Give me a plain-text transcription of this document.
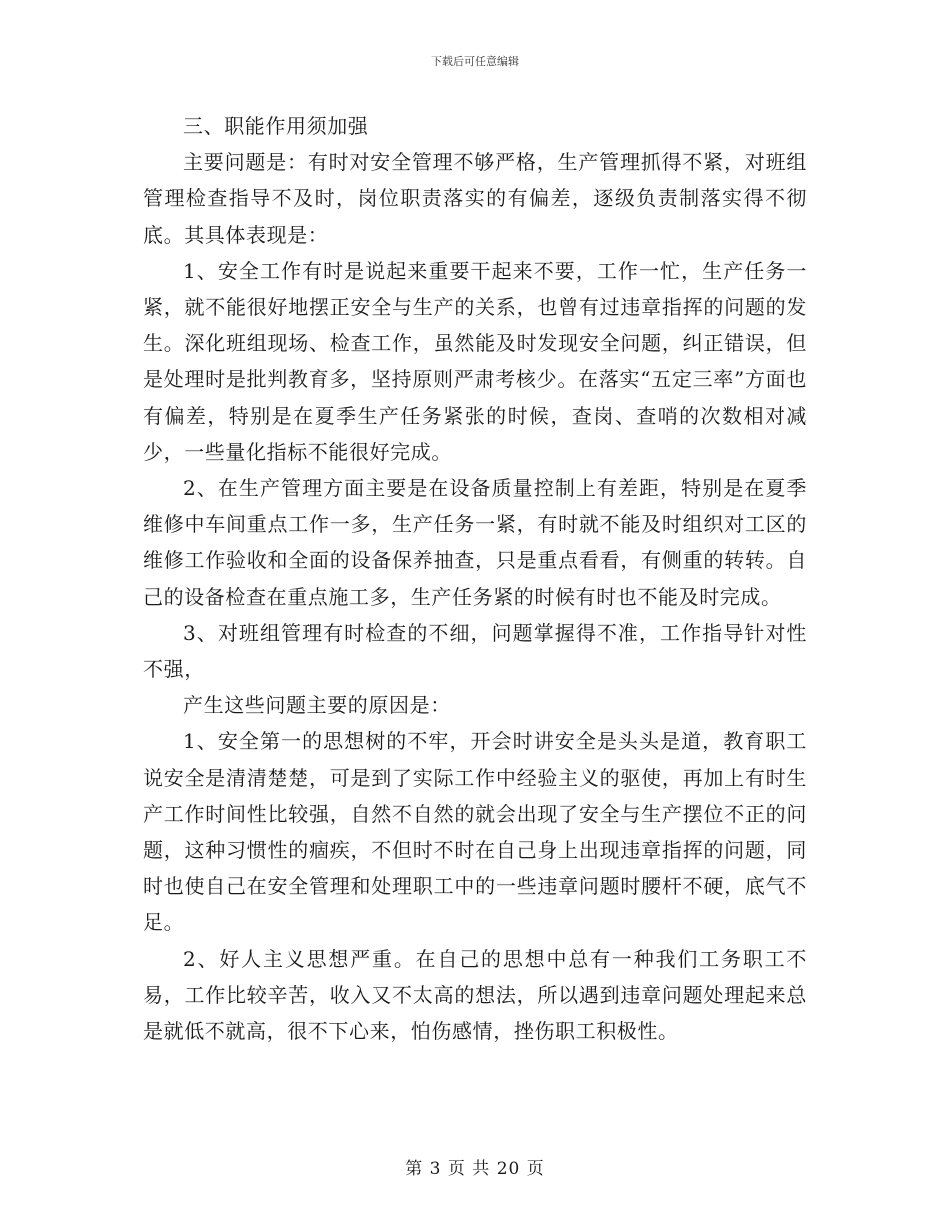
下载后可任意编辑

三、职能作用须加强

主要问题是：有时对安全管理不够严格，生产管理抓得不紧，对班组管理检查指导不及时，岗位职责落实的有偏差，逐级负责制落实得不彻底。其具体表现是：

1、安全工作有时是说起来重要干起来不要，工作一忙，生产任务一紧，就不能很好地摆正安全与生产的关系，也曾有过违章指挥的问题的发生。深化班组现场、检查工作，虽然能及时发现安全问题，纠正错误，但是处理时是批判教育多，坚持原则严肃考核少。在落实“五定三率”方面也有偏差，特别是在夏季生产任务紧张的时候，查岗、查哨的次数相对减少，一些量化指标不能很好完成。

2、在生产管理方面主要是在设备质量控制上有差距，特别是在夏季维修中车间重点工作一多，生产任务一紧，有时就不能及时组织对工区的维修工作验收和全面的设备保养抽查，只是重点看看，有侧重的转转。自己的设备检查在重点施工多，生产任务紧的时候有时也不能及时完成。

3、对班组管理有时检查的不细，问题掌握得不准，工作指导针对性不强，

产生这些问题主要的原因是：

1、安全第一的思想树的不牢，开会时讲安全是头头是道，教育职工说安全是清清楚楚，可是到了实际工作中经验主义的驱使，再加上有时生产工作时间性比较强，自然不自然的就会出现了安全与生产摆位不正的问题，这种习惯性的痼疾，不但时不时在自己身上出现违章指挥的问题，同时也使自己在安全管理和处理职工中的一些违章问题时腰杆不硬，底气不足。

2、好人主义思想严重。在自己的思想中总有一种我们工务职工不易，工作比较辛苦，收入又不太高的想法，所以遇到违章问题处理起来总是就低不就高，很不下心来，怕伤感情，挫伤职工积极性。

第 3 页 共 20 页
